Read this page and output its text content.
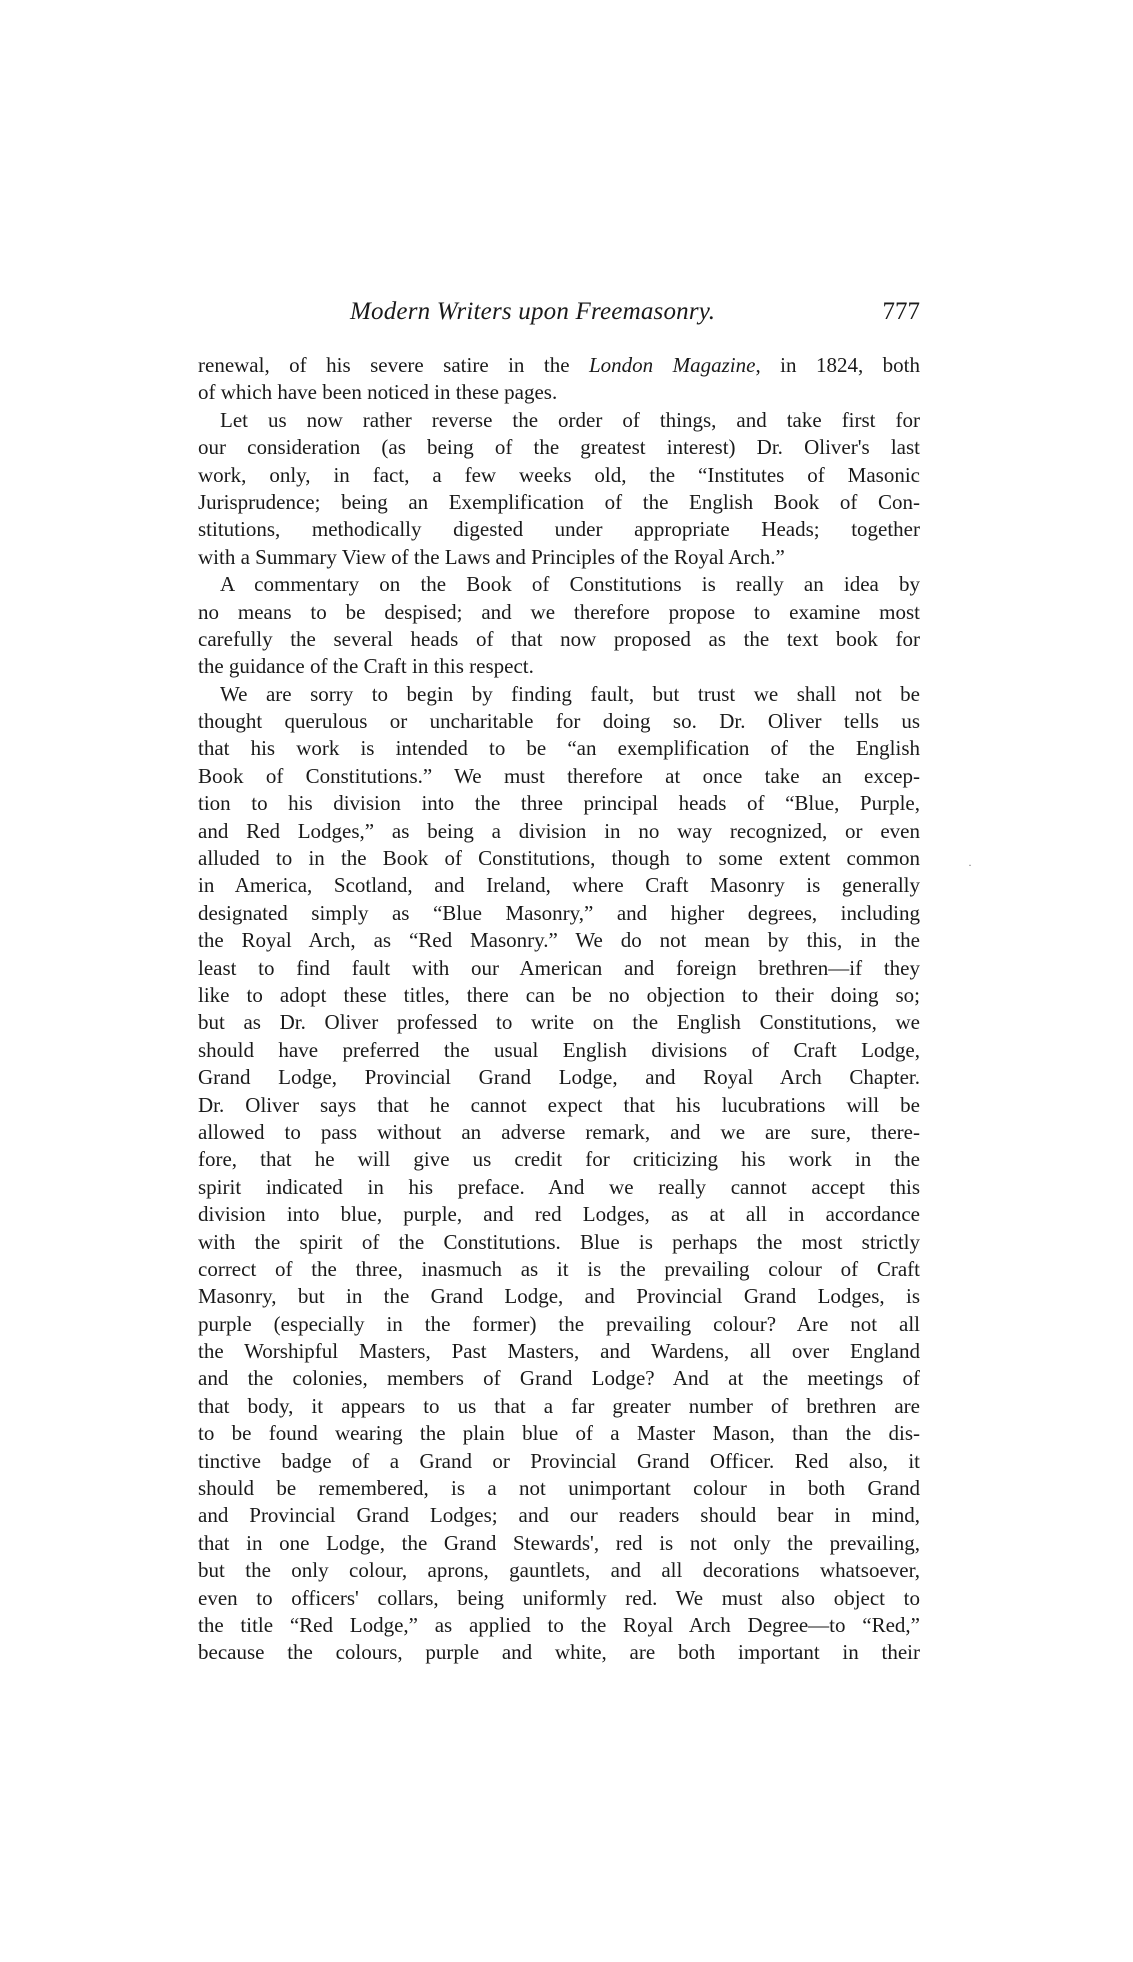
Modern Writers upon Freemasonry.	777

renewal, of his severe satire in the London Magazine, in 1824, both
of which have been noticed in these pages.

Let us now rather reverse the order of things, and take first for
our consideration (as being of the greatest interest) Dr. Oliver's last
work, only, in fact, a few weeks old, the “Institutes of Masonic
Jurisprudence; being an Exemplification of the English Book of Con-
stitutions, methodically digested under appropriate Heads; together
with a Summary View of the Laws and Principles of the Royal Arch.”

A commentary on the Book of Constitutions is really an idea by
no means to be despised; and we therefore propose to examine most
carefully the several heads of that now proposed as the text book for
the guidance of the Craft in this respect.

We are sorry to begin by finding fault, but trust we shall not be
thought querulous or uncharitable for doing so. Dr. Oliver tells us
that his work is intended to be “an exemplification of the English
Book of Constitutions.” We must therefore at once take an excep-
tion to his division into the three principal heads of “Blue, Purple,
and Red Lodges,” as being a division in no way recognized, or even
alluded to in the Book of Constitutions, though to some extent common
in America, Scotland, and Ireland, where Craft Masonry is generally
designated simply as “Blue Masonry,” and higher degrees, including
the Royal Arch, as “Red Masonry.” We do not mean by this, in the
least to find fault with our American and foreign brethren—if they
like to adopt these titles, there can be no objection to their doing so;
but as Dr. Oliver professed to write on the English Constitutions, we
should have preferred the usual English divisions of Craft Lodge,
Grand Lodge, Provincial Grand Lodge, and Royal Arch Chapter.
Dr. Oliver says that he cannot expect that his lucubrations will be
allowed to pass without an adverse remark, and we are sure, there-
fore, that he will give us credit for criticizing his work in the
spirit indicated in his preface. And we really cannot accept this
division into blue, purple, and red Lodges, as at all in accordance
with the spirit of the Constitutions. Blue is perhaps the most strictly
correct of the three, inasmuch as it is the prevailing colour of Craft
Masonry, but in the Grand Lodge, and Provincial Grand Lodges, is
purple (especially in the former) the prevailing colour? Are not all
the Worshipful Masters, Past Masters, and Wardens, all over England
and the colonies, members of Grand Lodge? And at the meetings of
that body, it appears to us that a far greater number of brethren are
to be found wearing the plain blue of a Master Mason, than the dis-
tinctive badge of a Grand or Provincial Grand Officer. Red also, it
should be remembered, is a not unimportant colour in both Grand
and Provincial Grand Lodges; and our readers should bear in mind,
that in one Lodge, the Grand Stewards', red is not only the prevailing,
but the only colour, aprons, gauntlets, and all decorations whatsoever,
even to officers' collars, being uniformly red. We must also object to
the title “Red Lodge,” as applied to the Royal Arch Degree—to “Red,”
because the colours, purple and white, are both important in their

·
